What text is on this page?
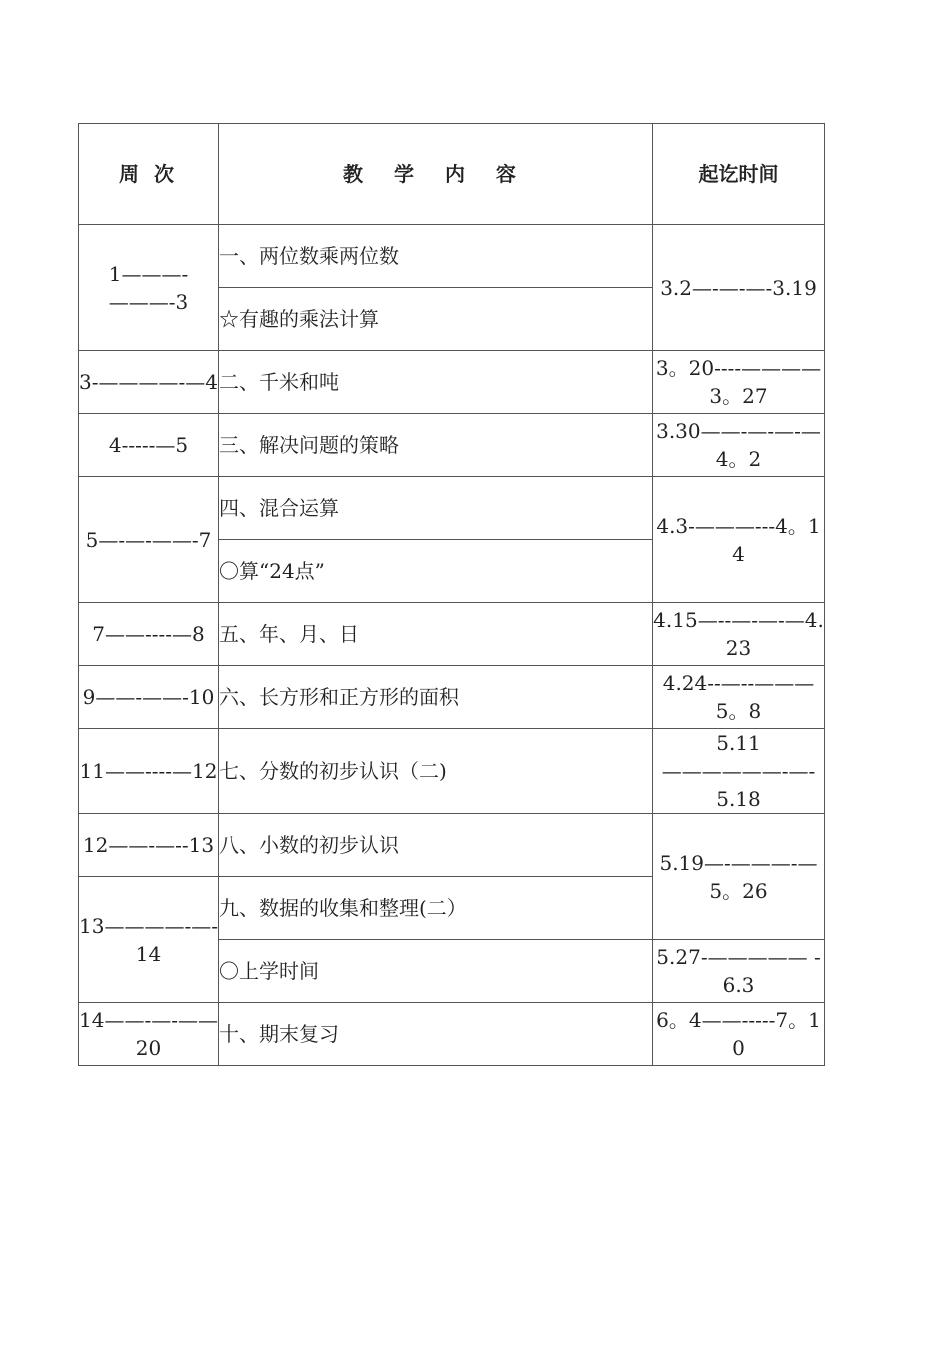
周 次	教 学 内 容	起讫时间
1———-———-3	一、两位数乘两位数	3.2—-—-—-3.19
	☆有趣的乘法计算	
3-————-—4	二、千米和吨	3。20----————3。27
4-----—5	三、解决问题的策略	3.30——-—-—-—4。2
5—-—-——-7	四、混合运算	4.3-———---4。14
	〇算“24点”	
7——----—8	五、年、月、日	4.15—--—-—-—4.23
9——-——-10	六、长方形和正方形的面积	4.24--—--———5。8
11——----—12	七、分数的初步认识（二)	5.11——————-—-5.18
12——-—--13	八、小数的初步认识	5.19—-———-—5。26
13————-—-14	九、数据的收集和整理(二）	
	〇上学时间	5.27-————— -6.3
14——-—-——20	十、期末复习	6。4——-----7。10
